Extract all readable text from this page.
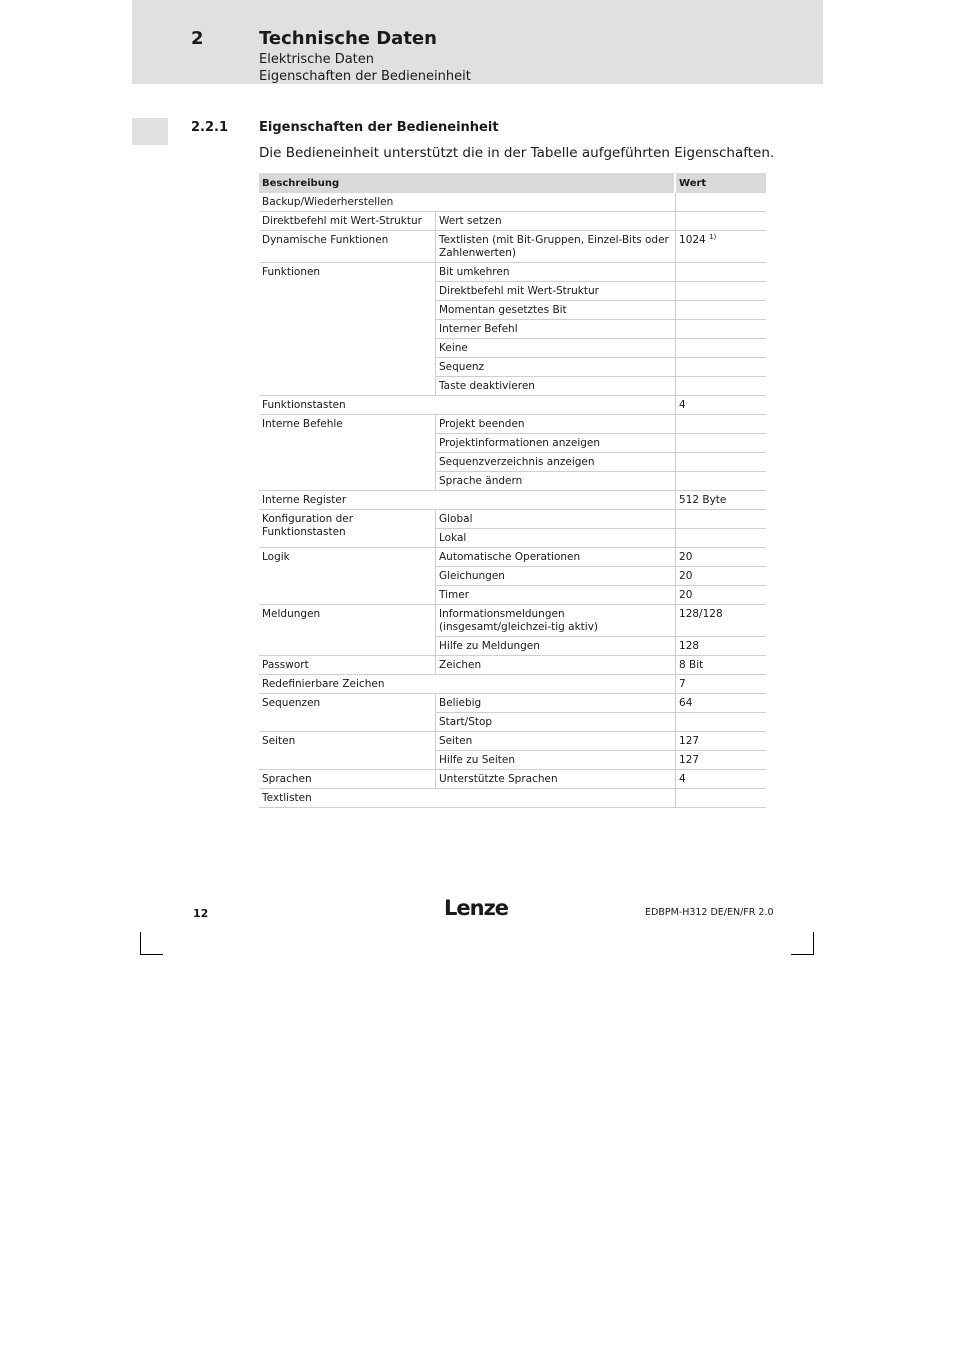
2	Technische Daten
Elektrische Daten
Eigenschaften der Bedieneinheit
2.2.1 Eigenschaften der Bedieneinheit
Die Bedieneinheit unterstützt die in der Tabelle aufgeführten Eigenschaften.
Beschreibung		Wert
Backup/Wiederherstellen		
Direktbefehl mit Wert-Struktur	Wert setzen	
Dynamische Funktionen	Textlisten (mit Bit-Gruppen, Einzel-Bits oder Zahlenwerten)	1024 $^{1)}$
Funktionen	Bit umkehren	
	Direktbefehl mit Wert-Struktur	
	Momentan gesetztes Bit	
	Interner Befehl	
	Keine	
	Sequenz	
	Taste deaktivieren	
Funktionstasten		4
Interne Befehle	Projekt beenden	
	Projektinformationen anzeigen	
	Sequenzverzeichnis anzeigen	
	Sprache ändern	
Interne Register		512 Byte
Konfiguration der Funktionstasten	Global	
	Lokal	
Logik	Automatische Operationen	20
	Gleichungen	20
	Timer	20
Meldungen	Informationsmeldungen (insgesamt/gleichzei-tig aktiv)	128/128
	Hilfe zu Meldungen	128
Passwort	Zeichen	8 Bit
Redefinierbare Zeichen		7
Sequenzen	Beliebig	64
	Start/Stop	
Seiten	Seiten	127
	Hilfe zu Seiten	127
Sprachen	Unterstützte Sprachen	4
Textlisten		
12	Lenze	EDBPM-H312 DE/EN/FR 2.0
